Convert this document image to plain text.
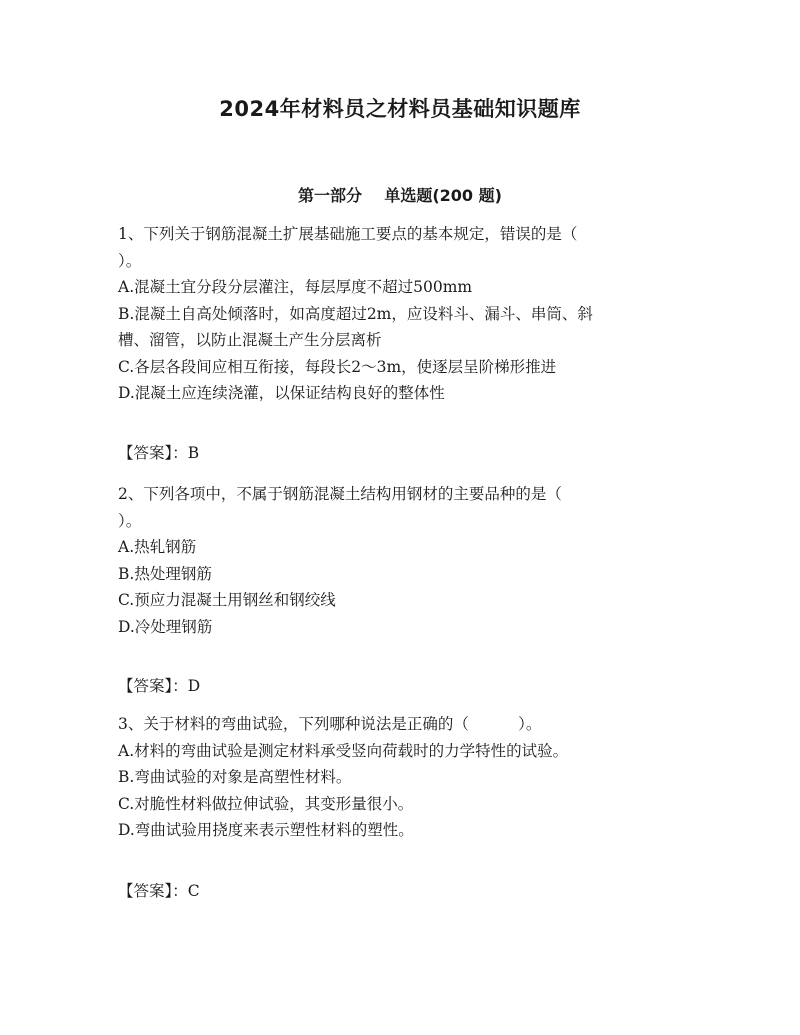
2024年材料员之材料员基础知识题库
第一部分    单选题(200 题)
1、下列关于钢筋混凝土扩展基础施工要点的基本规定，错误的是（
）。
A.混凝土宜分段分层灌注，每层厚度不超过500mm
B.混凝土自高处倾落时，如高度超过2m，应设料斗、漏斗、串筒、斜
槽、溜管，以防止混凝土产生分层离析
C.各层各段间应相互衔接，每段长2～3m，使逐层呈阶梯形推进
D.混凝土应连续浇灌，以保证结构良好的整体性
【答案】：B
2、下列各项中，不属于钢筋混凝土结构用钢材的主要品种的是（
）。
A.热轧钢筋
B.热处理钢筋
C.预应力混凝土用钢丝和钢绞线
D.冷处理钢筋
【答案】：D
3、关于材料的弯曲试验，下列哪种说法是正确的（          ）。
A.材料的弯曲试验是测定材料承受竖向荷载时的力学特性的试验。
B.弯曲试验的对象是高塑性材料。
C.对脆性材料做拉伸试验，其变形量很小。
D.弯曲试验用挠度来表示塑性材料的塑性。
【答案】：C
